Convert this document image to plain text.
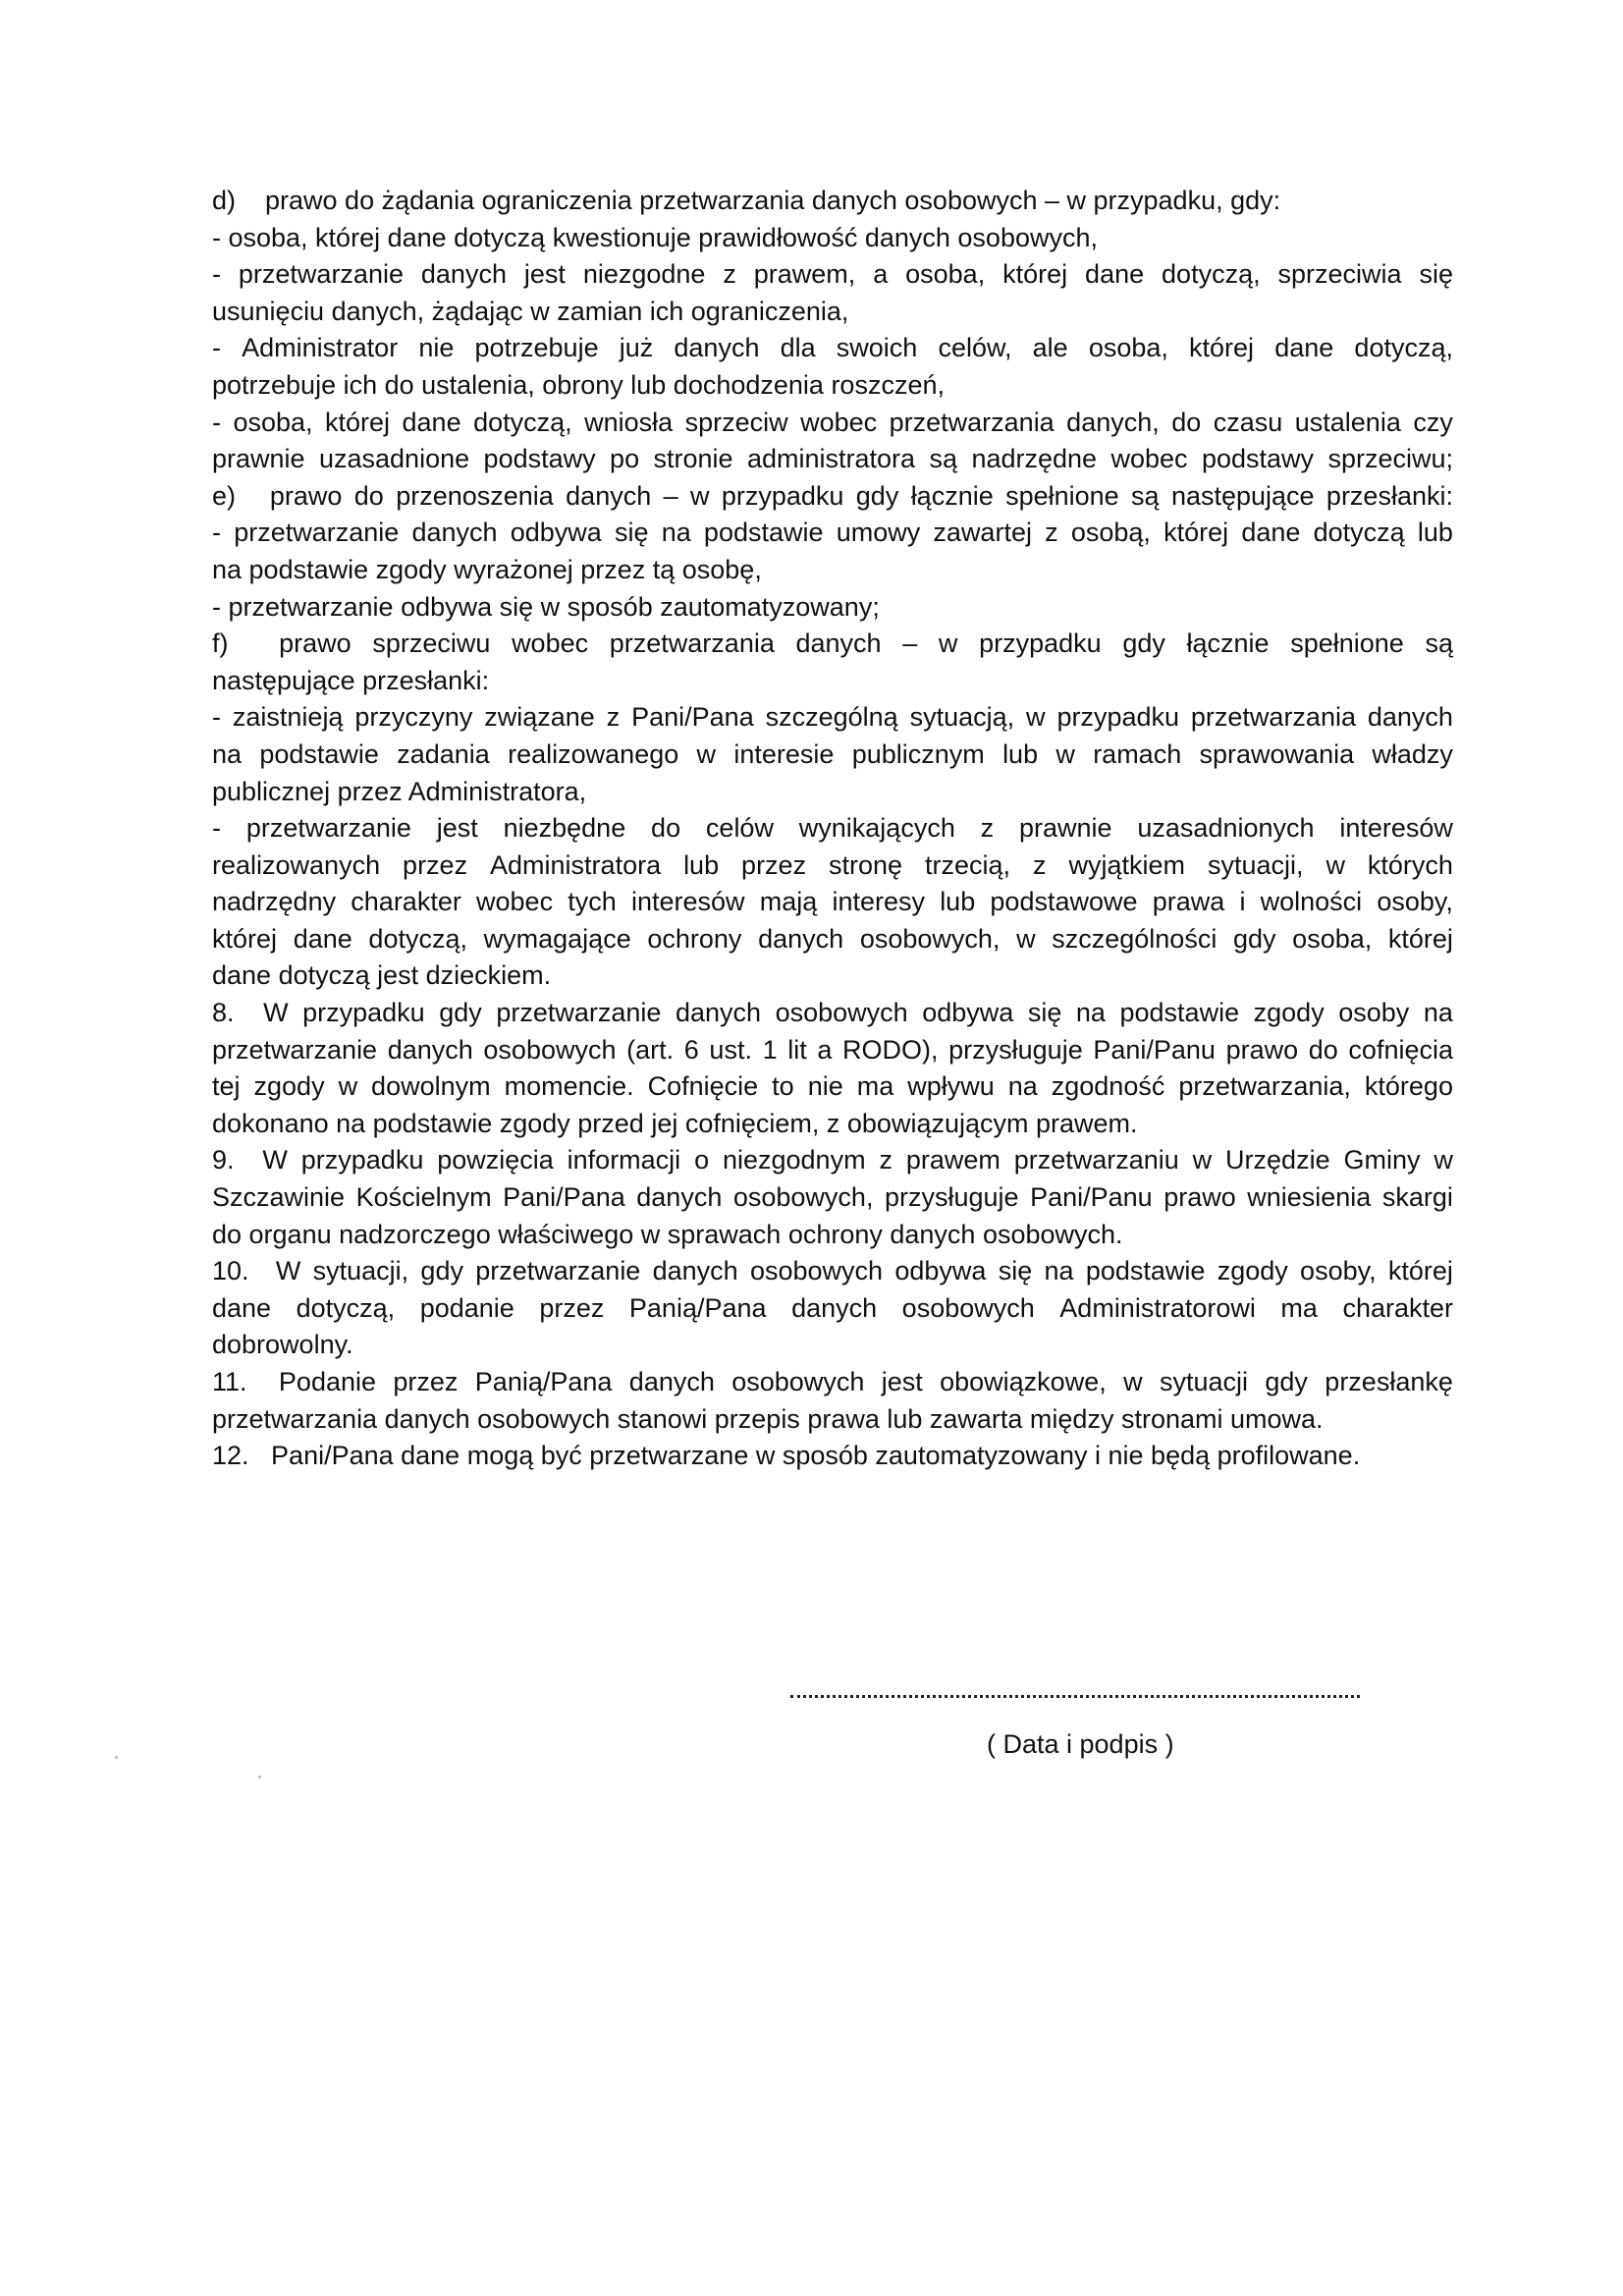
d)    prawo do żądania ograniczenia przetwarzania danych osobowych – w przypadku, gdy:
- osoba, której dane dotyczą kwestionuje prawidłowość danych osobowych,
- przetwarzanie danych jest niezgodne z prawem, a osoba, której dane dotyczą, sprzeciwia się
usunięciu danych, żądając w zamian ich ograniczenia,
- Administrator nie potrzebuje już danych dla swoich celów, ale osoba, której dane dotyczą,
potrzebuje ich do ustalenia, obrony lub dochodzenia roszczeń,
- osoba, której dane dotyczą, wniosła sprzeciw wobec przetwarzania danych, do czasu ustalenia czy
prawnie uzasadnione podstawy po stronie administratora są nadrzędne wobec podstawy sprzeciwu;
e) prawo do przenoszenia danych – w przypadku gdy łącznie spełnione są następujące przesłanki:
- przetwarzanie danych odbywa się na podstawie umowy zawartej z osobą, której dane dotyczą lub
na podstawie zgody wyrażonej przez tą osobę,
- przetwarzanie odbywa się w sposób zautomatyzowany;
f) prawo sprzeciwu wobec przetwarzania danych – w przypadku gdy łącznie spełnione są
następujące przesłanki:
- zaistnieją przyczyny związane z Pani/Pana szczególną sytuacją, w przypadku przetwarzania danych
na podstawie zadania realizowanego w interesie publicznym lub w ramach sprawowania władzy
publicznej przez Administratora,
- przetwarzanie jest niezbędne do celów wynikających z prawnie uzasadnionych interesów
realizowanych przez Administratora lub przez stronę trzecią, z wyjątkiem sytuacji, w których
nadrzędny charakter wobec tych interesów mają interesy lub podstawowe prawa i wolności osoby,
której dane dotyczą, wymagające ochrony danych osobowych, w szczególności gdy osoba, której
dane dotyczą jest dzieckiem.
8. W przypadku gdy przetwarzanie danych osobowych odbywa się na podstawie zgody osoby na
przetwarzanie danych osobowych (art. 6 ust. 1 lit a RODO), przysługuje Pani/Panu prawo do cofnięcia
tej zgody w dowolnym momencie. Cofnięcie to nie ma wpływu na zgodność przetwarzania, którego
dokonano na podstawie zgody przed jej cofnięciem, z obowiązującym prawem.
9. W przypadku powzięcia informacji o niezgodnym z prawem przetwarzaniu w Urzędzie Gminy w
Szczawinie Kościelnym Pani/Pana danych osobowych, przysługuje Pani/Panu prawo wniesienia skargi
do organu nadzorczego właściwego w sprawach ochrony danych osobowych.
10. W sytuacji, gdy przetwarzanie danych osobowych odbywa się na podstawie zgody osoby, której
dane dotyczą, podanie przez Panią/Pana danych osobowych Administratorowi ma charakter
dobrowolny.
11. Podanie przez Panią/Pana danych osobowych jest obowiązkowe, w sytuacji gdy przesłankę
przetwarzania danych osobowych stanowi przepis prawa lub zawarta między stronami umowa.
12.   Pani/Pana dane mogą być przetwarzane w sposób zautomatyzowany i nie będą profilowane.
( Data i podpis )
